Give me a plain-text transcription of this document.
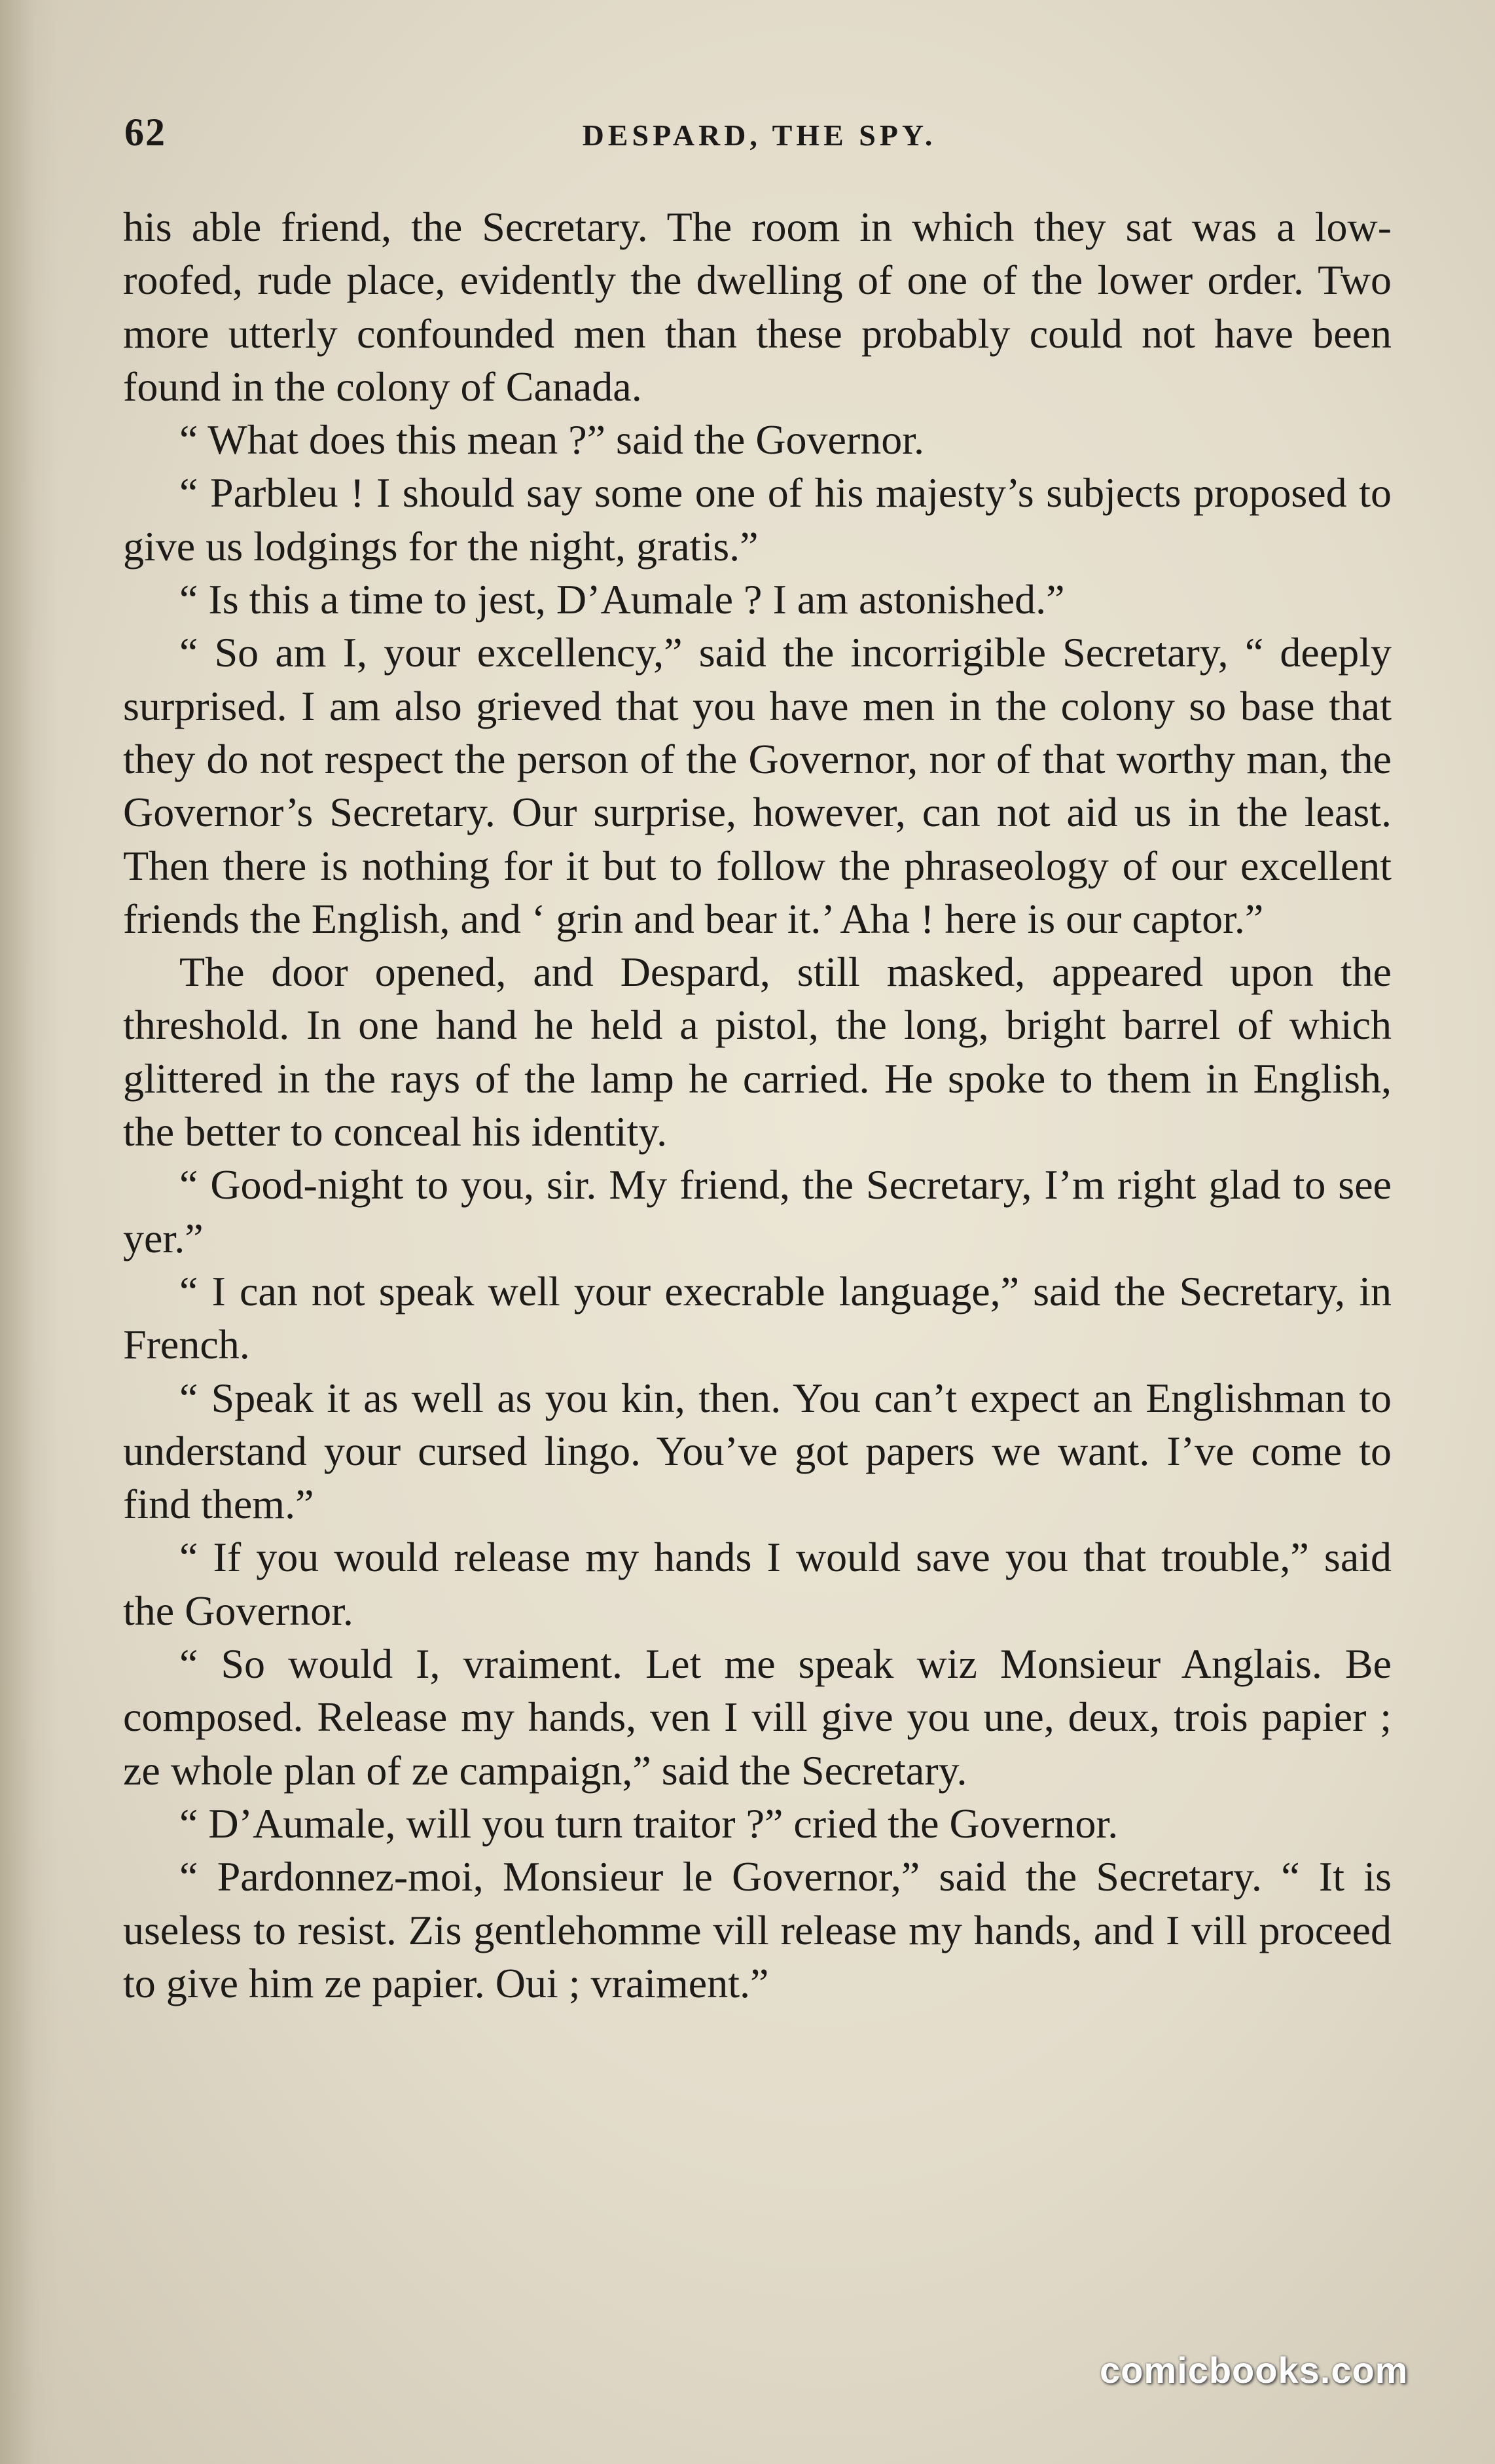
62	DESPARD, THE SPY.

his able friend, the Secretary. The room in which they sat was a low-roofed, rude place, evidently the dwelling of one of the lower order. Two more utterly confounded men than these probably could not have been found in the colony of Canada.

“ What does this mean ?” said the Governor.

“ Parbleu ! I should say some one of his majesty’s subjects proposed to give us lodgings for the night, gratis.”

“ Is this a time to jest, D’Aumale ? I am astonished.”

“ So am I, your excellency,” said the incorrigible Secretary, “ deeply surprised. I am also grieved that you have men in the colony so base that they do not respect the person of the Governor, nor of that worthy man, the Governor’s Secretary. Our surprise, however, can not aid us in the least. Then there is nothing for it but to follow the phraseology of our excellent friends the English, and ‘ grin and bear it.’ Aha ! here is our captor.”

The door opened, and Despard, still masked, appeared upon the threshold. In one hand he held a pistol, the long, bright barrel of which glittered in the rays of the lamp he carried. He spoke to them in English, the better to conceal his identity.

“ Good-night to you, sir. My friend, the Secretary, I’m right glad to see yer.”

“ I can not speak well your execrable language,” said the Secretary, in French.

“ Speak it as well as you kin, then. You can’t expect an Englishman to understand your cursed lingo. You’ve got papers we want. I’ve come to find them.”

“ If you would release my hands I would save you that trouble,” said the Governor.

“ So would I, vraiment. Let me speak wiz Monsieur Anglais. Be composed. Release my hands, ven I vill give you une, deux, trois papier ; ze whole plan of ze campaign,” said the Secretary.

“ D’Aumale, will you turn traitor ?” cried the Governor.

“ Pardonnez-moi, Monsieur le Governor,” said the Secretary. “ It is useless to resist. Zis gentlehomme vill release my hands, and I vill proceed to give him ze papier. Oui ; vraiment.”

comicbooks.com
